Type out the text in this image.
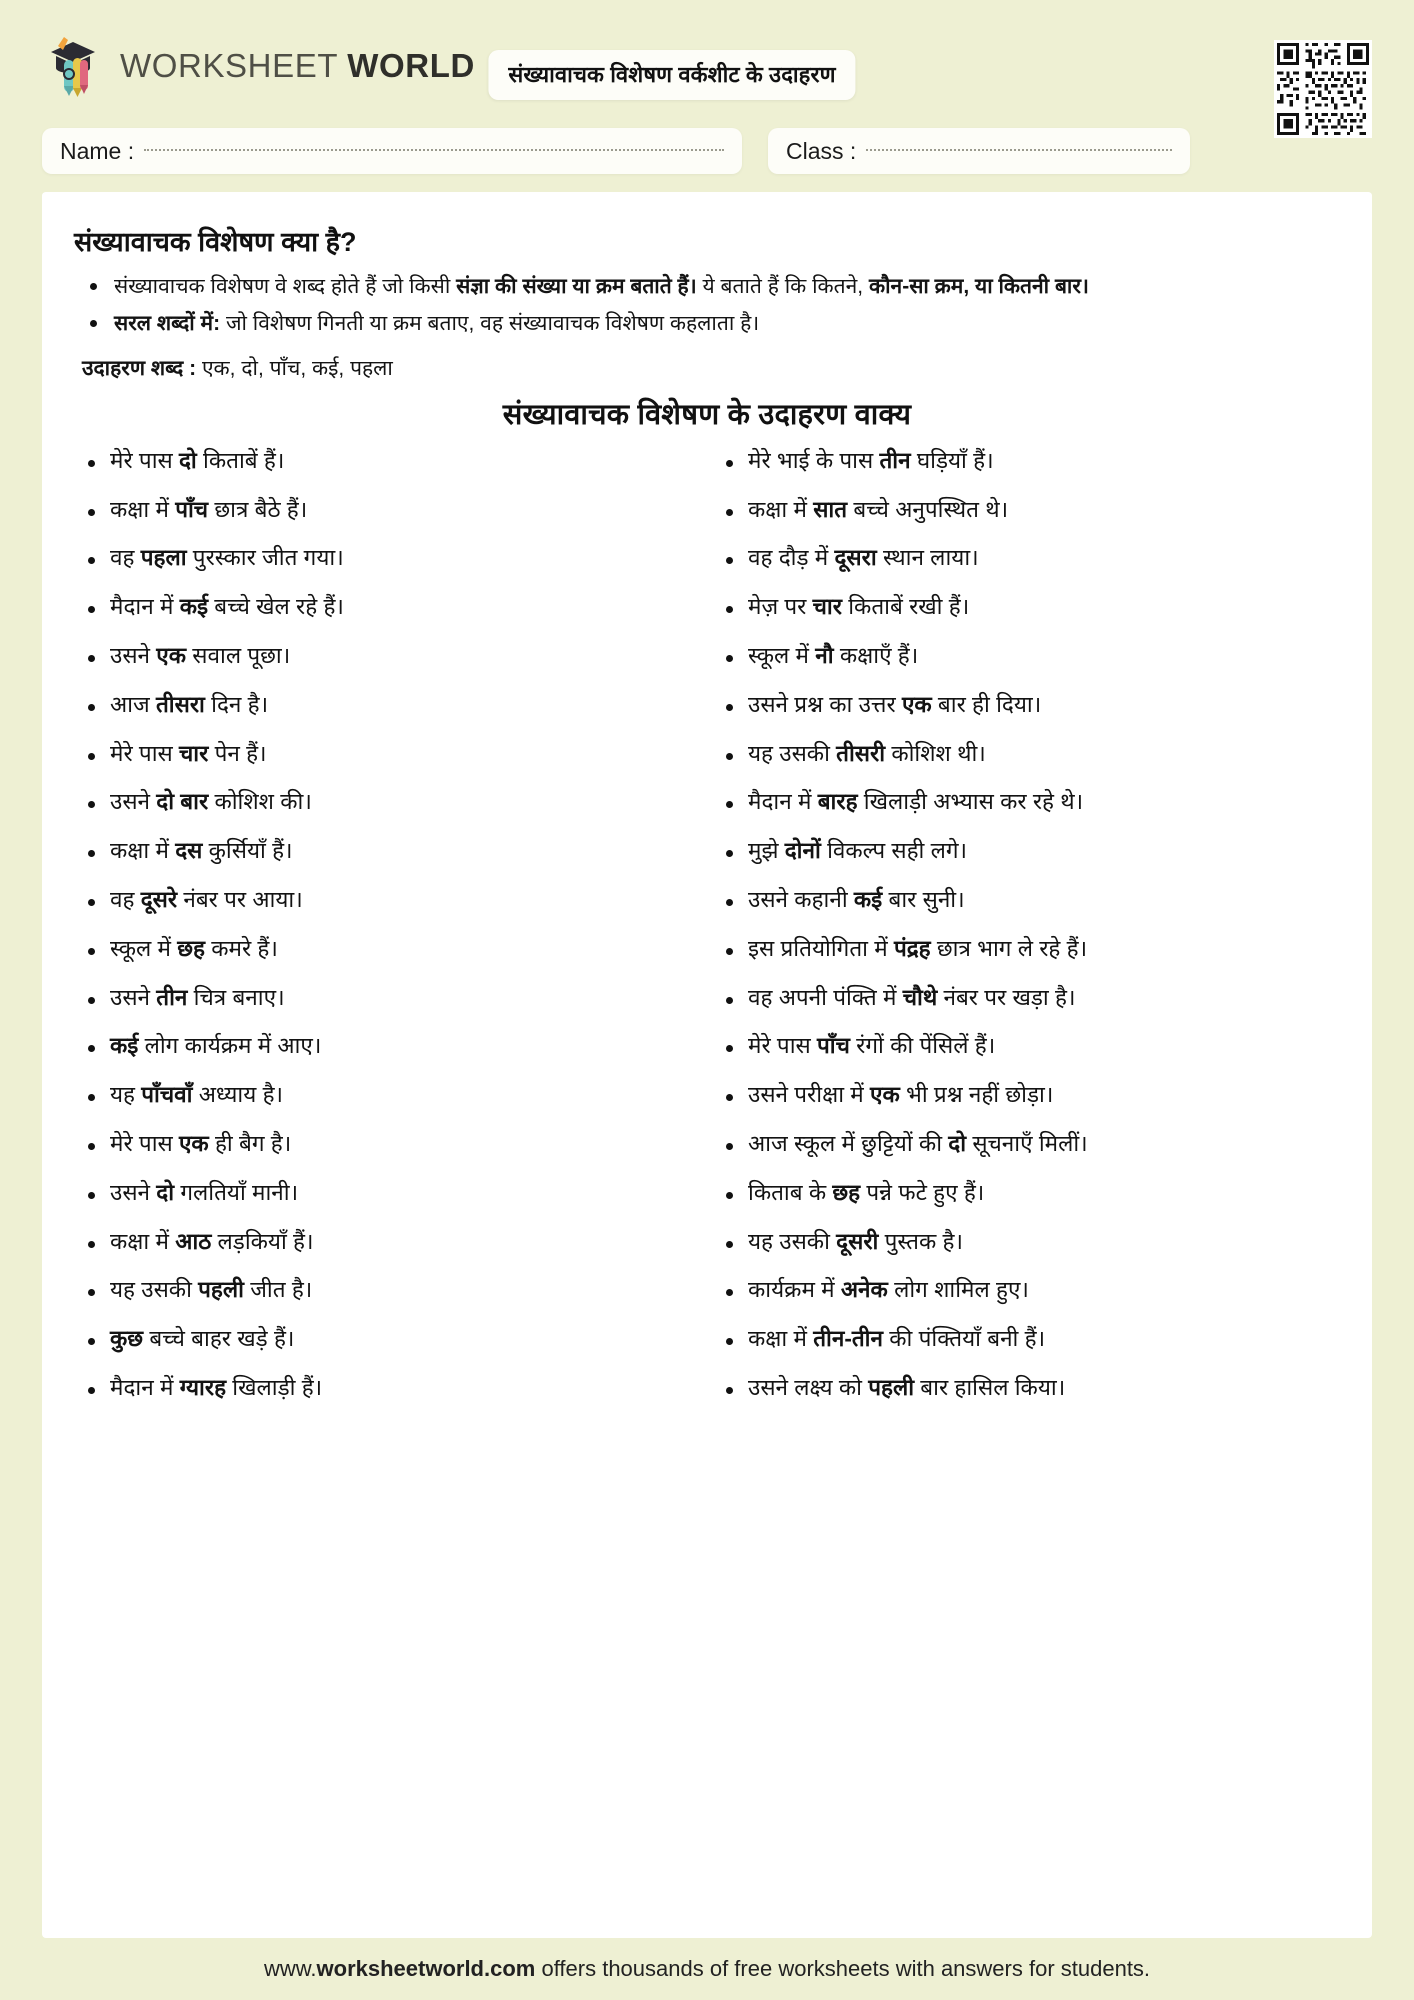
WORKSHEET WORLD	संख्यावाचक विशेषण वर्कशीट के उदाहरण
Name :	Class :
संख्यावाचक विशेषण क्या है?
संख्यावाचक विशेषण वे शब्द होते हैं जो किसी संज्ञा की संख्या या क्रम बताते हैं। ये बताते हैं कि कितने, कौन-सा क्रम, या कितनी बार।
सरल शब्दों में: जो विशेषण गिनती या क्रम बताए, वह संख्यावाचक विशेषण कहलाता है।

उदाहरण शब्द : एक, दो, पाँच, कई, पहला

संख्यावाचक विशेषण के उदाहरण वाक्य
मेरे पास दो किताबें हैं।
कक्षा में पाँच छात्र बैठे हैं।
वह पहला पुरस्कार जीत गया।
मैदान में कई बच्चे खेल रहे हैं।
उसने एक सवाल पूछा।
आज तीसरा दिन है।
मेरे पास चार पेन हैं।
उसने दो बार कोशिश की।
कक्षा में दस कुर्सियाँ हैं।
वह दूसरे नंबर पर आया।
स्कूल में छह कमरे हैं।
उसने तीन चित्र बनाए।
कई लोग कार्यक्रम में आए।
यह पाँचवाँ अध्याय है।
मेरे पास एक ही बैग है।
उसने दो गलतियाँ मानी।
कक्षा में आठ लड़कियाँ हैं।
यह उसकी पहली जीत है।
कुछ बच्चे बाहर खड़े हैं।
मैदान में ग्यारह खिलाड़ी हैं।
मेरे भाई के पास तीन घड़ियाँ हैं।
कक्षा में सात बच्चे अनुपस्थित थे।
वह दौड़ में दूसरा स्थान लाया।
मेज़ पर चार किताबें रखी हैं।
स्कूल में नौ कक्षाएँ हैं।
उसने प्रश्न का उत्तर एक बार ही दिया।
यह उसकी तीसरी कोशिश थी।
मैदान में बारह खिलाड़ी अभ्यास कर रहे थे।
मुझे दोनों विकल्प सही लगे।
उसने कहानी कई बार सुनी।
इस प्रतियोगिता में पंद्रह छात्र भाग ले रहे हैं।
वह अपनी पंक्ति में चौथे नंबर पर खड़ा है।
मेरे पास पाँच रंगों की पेंसिलें हैं।
उसने परीक्षा में एक भी प्रश्न नहीं छोड़ा।
आज स्कूल में छुट्टियों की दो सूचनाएँ मिलीं।
किताब के छह पन्ने फटे हुए हैं।
यह उसकी दूसरी पुस्तक है।
कार्यक्रम में अनेक लोग शामिल हुए।
कक्षा में तीन-तीन की पंक्तियाँ बनी हैं।
उसने लक्ष्य को पहली बार हासिल किया।
www.worksheetworld.com offers thousands of free worksheets with answers for students.
